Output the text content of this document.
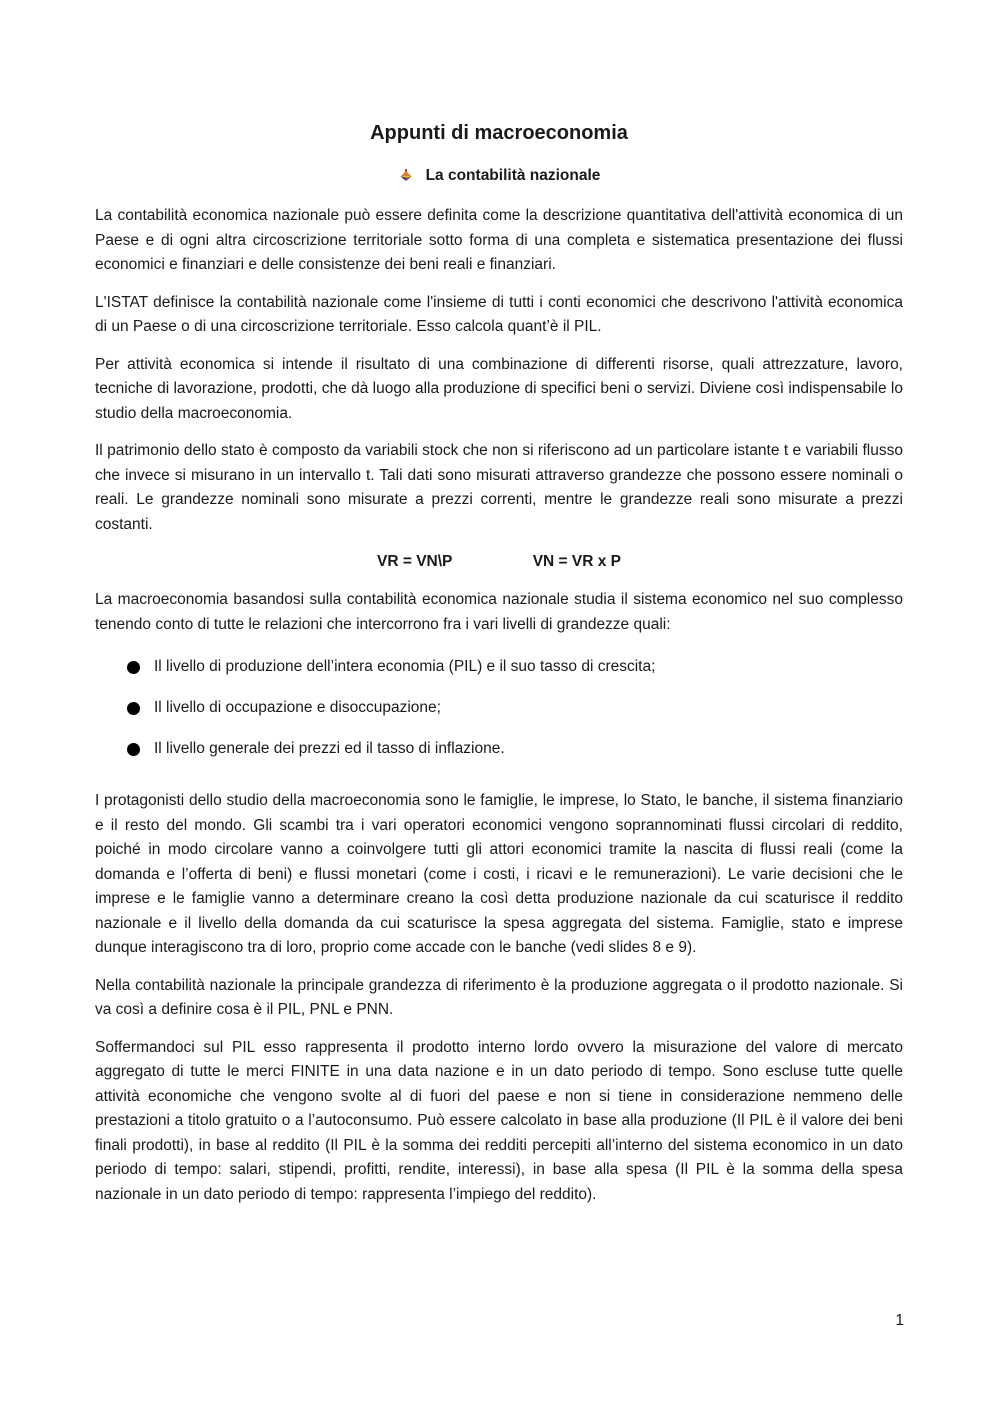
Appunti di macroeconomia
La contabilità nazionale

La contabilità economica nazionale può essere definita come la descrizione quantitativa dell'attività economica di un Paese e di ogni altra circoscrizione territoriale sotto forma di una completa e sistematica presentazione dei flussi economici e finanziari e delle consistenze dei beni reali e finanziari.

L'ISTAT definisce la contabilità nazionale come l'insieme di tutti i conti economici che descrivono l'attività economica di un Paese o di una circoscrizione territoriale. Esso calcola quant’è il PIL.

Per attività economica si intende il risultato di una combinazione di differenti risorse, quali attrezzature, lavoro, tecniche di lavorazione, prodotti, che dà luogo alla produzione di specifici beni o servizi. Diviene così indispensabile lo studio della macroeconomia.

Il patrimonio dello stato è composto da variabili stock che non si riferiscono ad un particolare istante t e variabili flusso che invece si misurano in un intervallo t. Tali dati sono misurati attraverso grandezze che possono essere nominali o reali. Le grandezze nominali sono misurate a prezzi correnti, mentre le grandezze reali sono misurate a prezzi costanti.

VR = VN\P	VN = VR x P

La macroeconomia basandosi sulla contabilità economica nazionale studia il sistema economico nel suo complesso tenendo conto di tutte le relazioni che intercorrono fra i vari livelli di grandezze quali:

Il livello di produzione dell’intera economia (PIL) e il suo tasso di crescita;
Il livello di occupazione e disoccupazione;
Il livello generale dei prezzi ed il tasso di inflazione.

I protagonisti dello studio della macroeconomia sono le famiglie, le imprese, lo Stato, le banche, il sistema finanziario e il resto del mondo. Gli scambi tra i vari operatori economici vengono soprannominati flussi circolari di reddito, poiché in modo circolare vanno a coinvolgere tutti gli attori economici tramite la nascita di flussi reali (come la domanda e l’offerta di beni) e flussi monetari (come i costi, i ricavi e le remunerazioni). Le varie decisioni che le imprese e le famiglie vanno a determinare creano la così detta produzione nazionale da cui scaturisce il reddito nazionale e il livello della domanda da cui scaturisce la spesa aggregata del sistema. Famiglie, stato e imprese dunque interagiscono tra di loro, proprio come accade con le banche (vedi slides 8 e 9).

Nella contabilità nazionale la principale grandezza di riferimento è la produzione aggregata o il prodotto nazionale. Si va così a definire cosa è il PIL, PNL e PNN.

Soffermandoci sul PIL esso rappresenta il prodotto interno lordo ovvero la misurazione del valore di mercato aggregato di tutte le merci FINITE in una data nazione e in un dato periodo di tempo. Sono escluse tutte quelle attività economiche che vengono svolte al di fuori del paese e non si tiene in considerazione nemmeno delle prestazioni a titolo gratuito o a l’autoconsumo. Può essere calcolato in base alla produzione (Il PIL è il valore dei beni finali prodotti), in base al reddito (Il PIL è la somma dei redditi percepiti all’interno del sistema economico in un dato periodo di tempo: salari, stipendi, profitti, rendite, interessi), in base alla spesa (Il PIL è la somma della spesa nazionale in un dato periodo di tempo: rappresenta l’impiego del reddito).

1
